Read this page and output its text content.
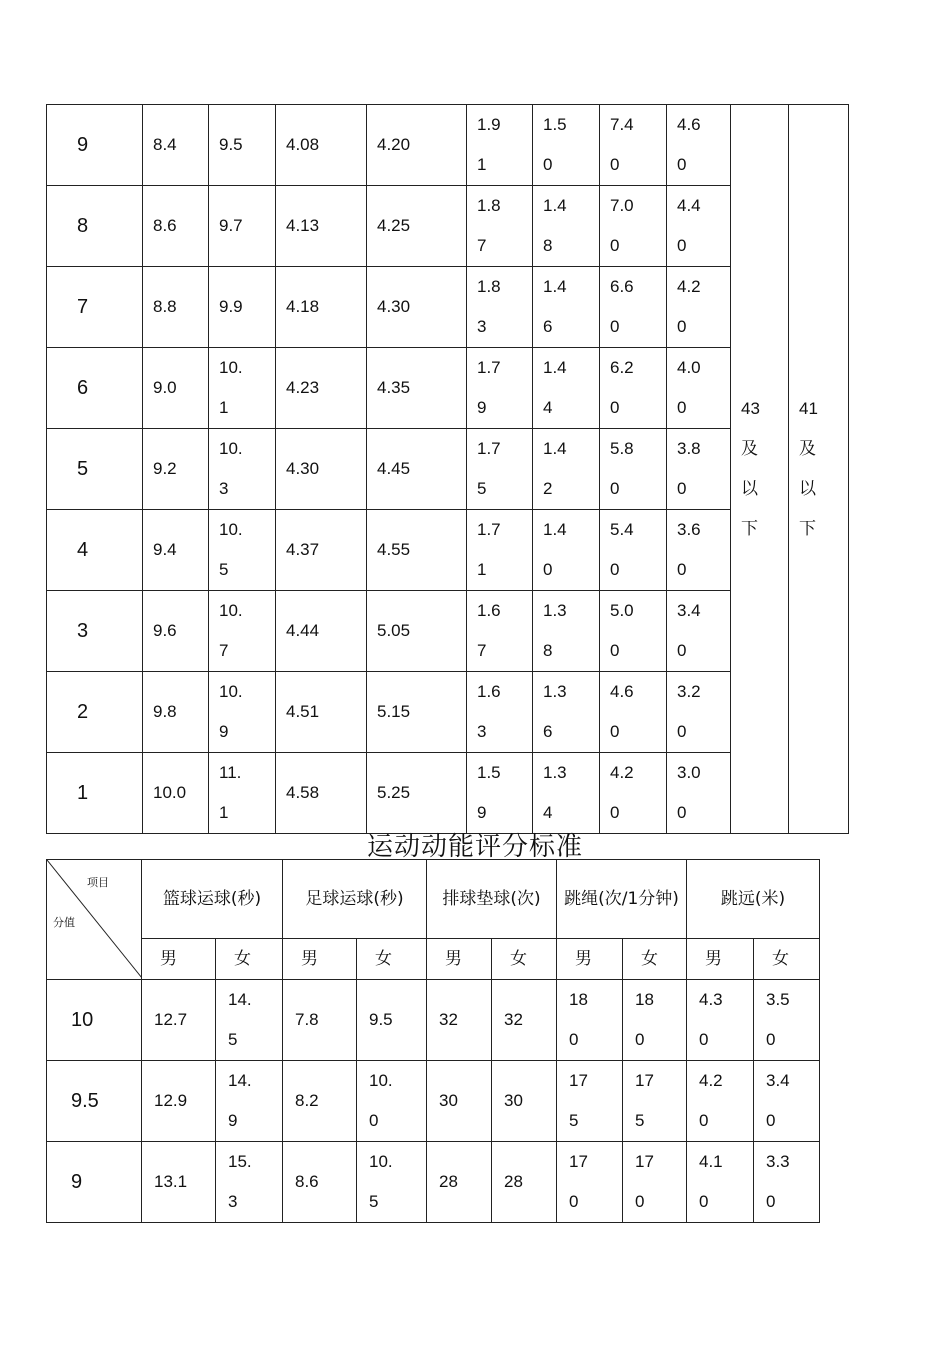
9	8.4	9.5	4.08	4.20	1.91	1.50	7.40	4.60	43及以下	41及以下

8	8.6	9.7	4.13	4.25	1.87	1.48	7.00	4.40		

7	8.8	9.9	4.18	4.30	1.83	1.46	6.60	4.20		

6	9.0	10.1	4.23	4.35	1.79	1.44	6.20	4.00		

5	9.2	10.3	4.30	4.45	1.75	1.42	5.80	3.80		

4	9.4	10.5	4.37	4.55	1.71	1.40	5.40	3.60		

3	9.6	10.7	4.44	5.05	1.67	1.38	5.00	3.40		

2	9.8	10.9	4.51	5.15	1.63	1.36	4.60	3.20		

1	10.0	11.1	4.58	5.25	1.59	1.34	4.20	3.00		
运动动能评分标准
项目
分值	篮球运球(秒)		足球运球(秒)		排球垫球(次)		跳绳(次/1分钟)		跳远(米)	

	男	女	男	女	男	女	男	女	男	女

10	12.7	14.5	7.8	9.5	32	32	180	180	4.30	3.50

9.5	12.9	14.9	8.2	10.0	30	30	175	175	4.20	3.40

9	13.1	15.3	8.6	10.5	28	28	170	170	4.10	3.30
